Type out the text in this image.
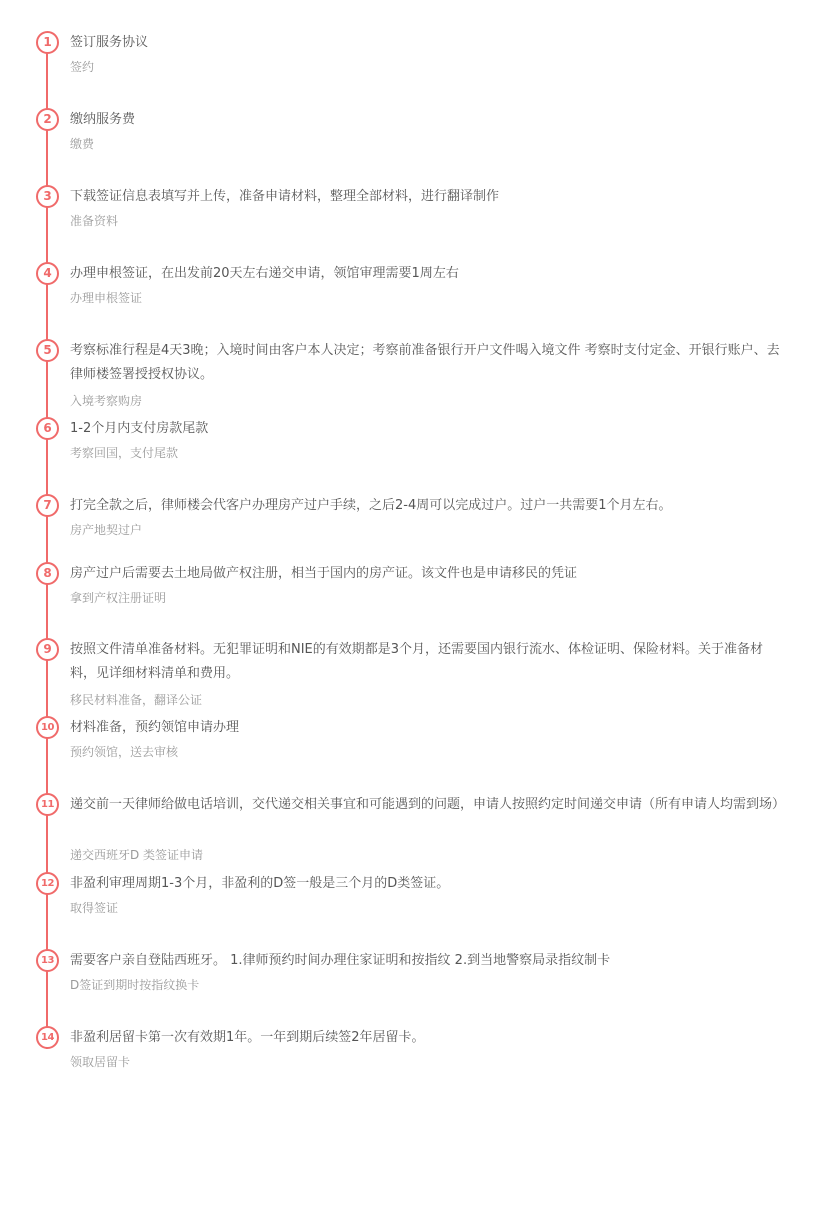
1	签订服务协议
签约
2	缴纳服务费
缴费
3	下载签证信息表填写并上传，准备申请材料，整理全部材料，进行翻译制作
准备资料
4	办理申根签证，在出发前20天左右递交申请，领馆审理需要1周左右
办理申根签证
5	考察标准行程是4天3晚；入境时间由客户本人决定；考察前准备银行开户文件喝入境文件 考察时支付定金、开银行账户、去律师楼签署授授权协议。
入境考察购房
6	1-2个月内支付房款尾款
考察回国，支付尾款
7	打完全款之后，律师楼会代客户办理房产过户手续，之后2-4周可以完成过户。过户一共需要1个月左右。
房产地契过户
8	房产过户后需要去土地局做产权注册，相当于国内的房产证。该文件也是申请移民的凭证
拿到产权注册证明
9	按照文件清单准备材料。无犯罪证明和NIE的有效期都是3个月，还需要国内银行流水、体检证明、保险材料。关于准备材料，见详细材料清单和费用。
移民材料准备，翻译公证
10	材料准备，预约领馆申请办理
预约领馆，送去审核
11	递交前一天律师给做电话培训，交代递交相关事宜和可能遇到的问题，申请人按照约定时间递交申请（所有申请人均需到场）
递交西班牙D 类签证申请
12	非盈利审理周期1-3个月，非盈利的D签一般是三个月的D类签证。
取得签证
13	需要客户亲自登陆西班牙。 1.律师预约时间办理住家证明和按指纹 2.到当地警察局录指纹制卡
D签证到期时按指纹换卡
14	非盈利居留卡第一次有效期1年。一年到期后续签2年居留卡。
领取居留卡
